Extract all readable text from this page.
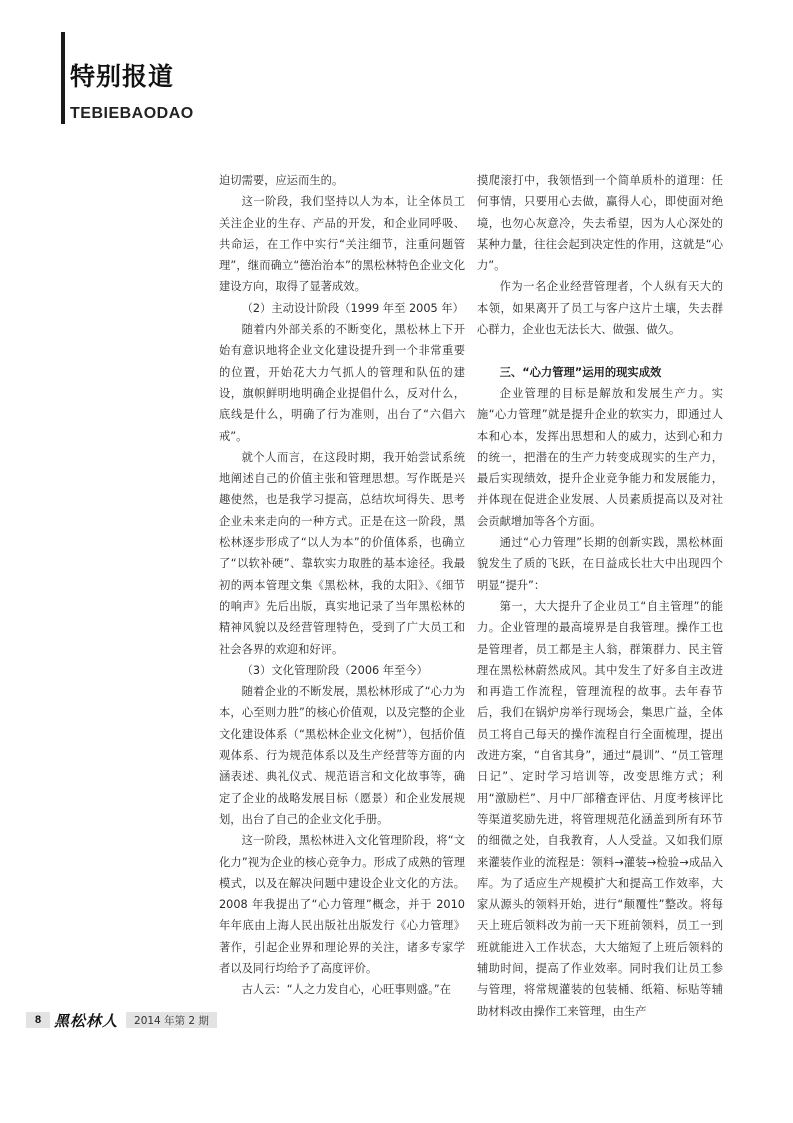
特别报道
TEBIEBAODAO

迫切需要，应运而生的。

这一阶段，我们坚持以人为本，让全体员工关注企业的生存、产品的开发，和企业同呼吸、共命运，在工作中实行“关注细节，注重问题管理”，继而确立“德治治本”的黑松林特色企业文化建设方向，取得了显著成效。

（2）主动设计阶段（1999 年至 2005 年）

随着内外部关系的不断变化，黑松林上下开始有意识地将企业文化建设提升到一个非常重要的位置，开始花大力气抓人的管理和队伍的建设，旗帜鲜明地明确企业提倡什么，反对什么，底线是什么，明确了行为准则，出台了“六倡六戒”。

就个人而言，在这段时期，我开始尝试系统地阐述自己的价值主张和管理思想。写作既是兴趣使然，也是我学习提高，总结坎坷得失、思考企业未来走向的一种方式。正是在这一阶段，黑松林逐步形成了“以人为本”的价值体系，也确立了“以软补硬”、靠软实力取胜的基本途径。我最初的两本管理文集《黑松林，我的太阳》、《细节的响声》先后出版，真实地记录了当年黑松林的精神风貌以及经营管理特色，受到了广大员工和社会各界的欢迎和好评。

（3）文化管理阶段（2006 年至今）

随着企业的不断发展，黑松林形成了“心力为本，心至则力胜”的核心价值观，以及完整的企业文化建设体系（“黑松林企业文化树”），包括价值观体系、行为规范体系以及生产经营等方面的内涵表述、典礼仪式、规范语言和文化故事等，确定了企业的战略发展目标（愿景）和企业发展规划，出台了自己的企业文化手册。

这一阶段，黑松林进入文化管理阶段，将“文化力”视为企业的核心竞争力。形成了成熟的管理模式，以及在解决问题中建设企业文化的方法。2008 年我提出了“心力管理”概念，并于 2010 年年底由上海人民出版社出版发行《心力管理》著作，引起企业界和理论界的关注，诸多专家学者以及同行均给予了高度评价。

古人云：“人之力发自心，心旺事则盛。”在

摸爬滚打中，我领悟到一个简单质朴的道理：任何事情，只要用心去做，赢得人心，即使面对绝境，也勿心灰意冷，失去希望，因为人心深处的某种力量，往往会起到决定性的作用，这就是“心力”。

作为一名企业经营管理者，个人纵有天大的本领，如果离开了员工与客户这片土壤，失去群心群力，企业也无法长大、做强、做久。

三、“心力管理”运用的现实成效

企业管理的目标是解放和发展生产力。实施“心力管理”就是提升企业的软实力，即通过人本和心本，发挥出思想和人的威力，达到心和力的统一，把潜在的生产力转变成现实的生产力，最后实现绩效，提升企业竞争能力和发展能力，并体现在促进企业发展、人员素质提高以及对社会贡献增加等各个方面。

通过“心力管理”长期的创新实践，黑松林面貌发生了质的飞跃，在日益成长壮大中出现四个明显“提升”：

第一，大大提升了企业员工“自主管理”的能力。企业管理的最高境界是自我管理。操作工也是管理者，员工都是主人翁，群策群力、民主管理在黑松林蔚然成风。其中发生了好多自主改进和再造工作流程，管理流程的故事。去年春节后，我们在锅炉房举行现场会，集思广益，全体员工将自己每天的操作流程自行全面梳理，提出改进方案，“自省其身”，通过“晨训”、“员工管理日记”、定时学习培训等，改变思维方式；利用“激励栏”、月中厂部稽查评估、月度考核评比等渠道奖励先进，将管理规范化涵盖到所有环节的细微之处，自我教育，人人受益。又如我们原来灌装作业的流程是：领料→灌装→检验→成品入库。为了适应生产规模扩大和提高工作效率，大家从源头的领料开始，进行“颠覆性”整改。将每天上班后领料改为前一天下班前领料，员工一到班就能进入工作状态，大大缩短了上班后领料的辅助时间，提高了作业效率。同时我们让员工参与管理，将常规灌装的包装桶、纸箱、标贴等辅助材料改由操作工来管理，由生产

8 黑松林人	2014 年第 2 期
